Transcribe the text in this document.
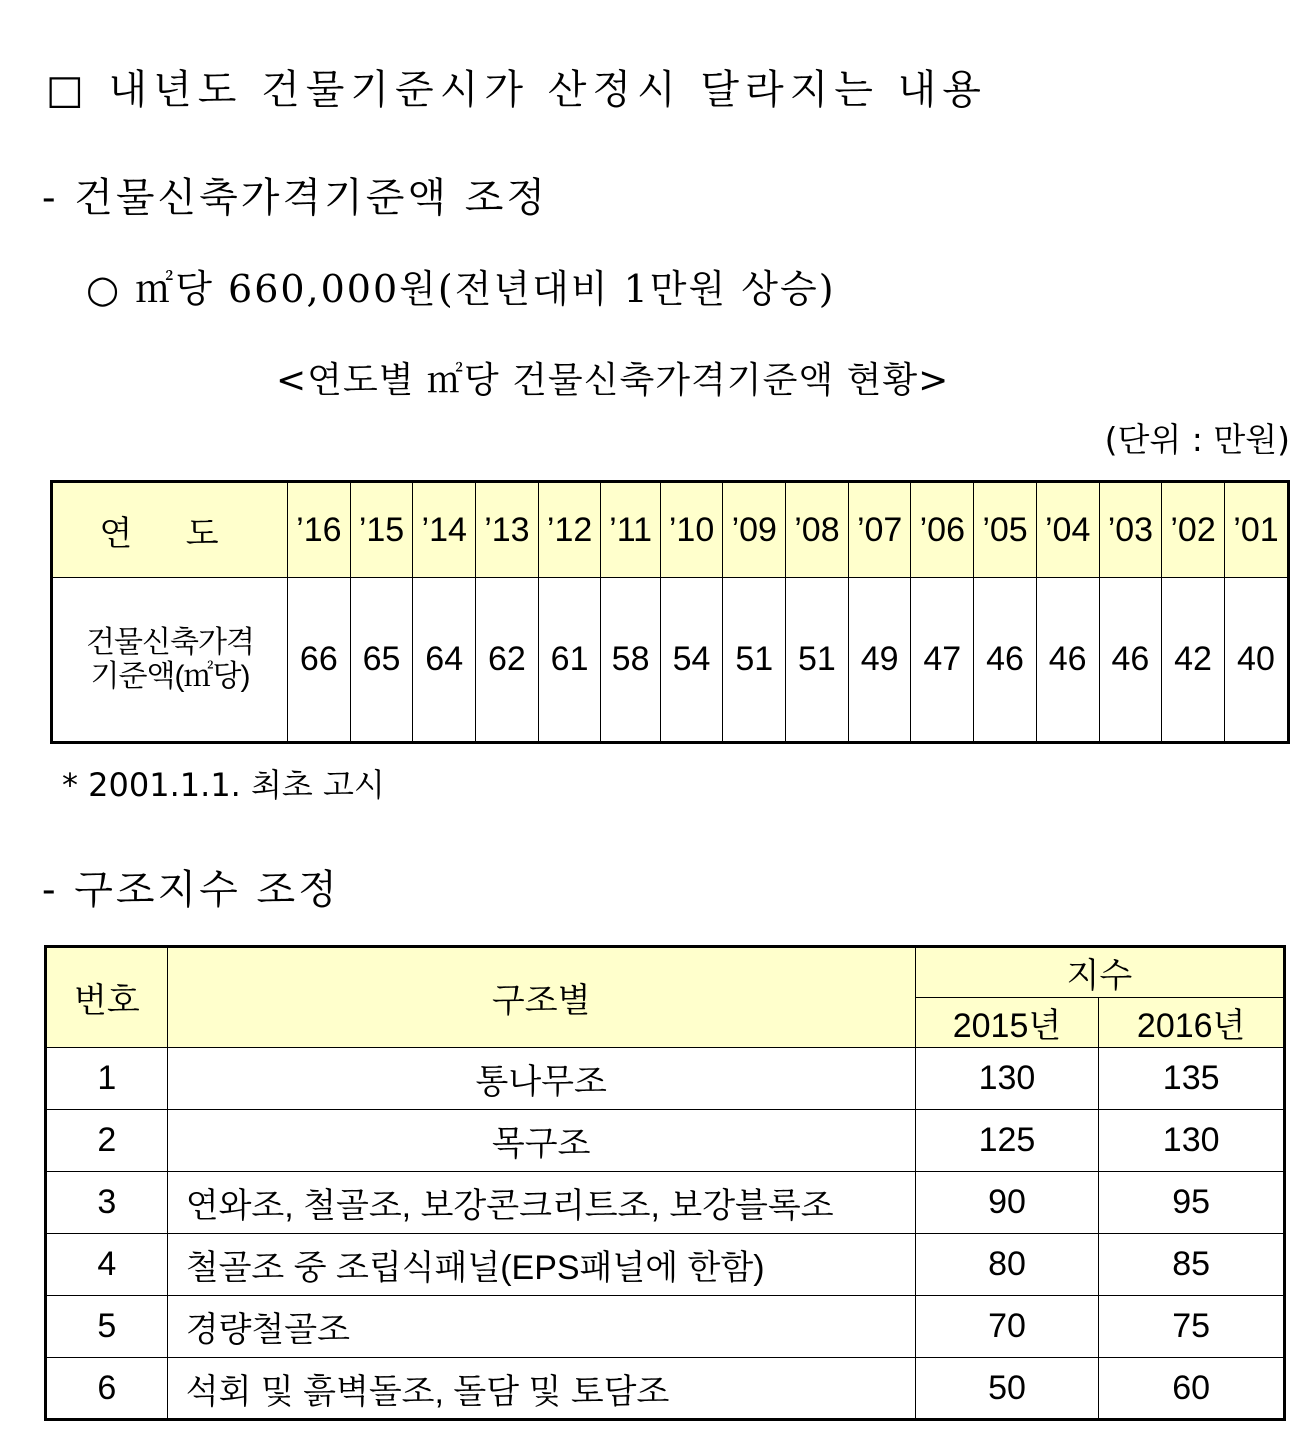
□ 내년도 건물기준시가 산정시 달라지는 내용
- 건물신축가격기준액 조정
○ ㎡당 660,000원(전년대비 1만원 상승)
<연도별 ㎡당 건물신축가격기준액 현황>
(단위 : 만원)
연 도	’16	’15	’14	’13	’12	’11	’10	’09	’08	’07	’06	’05	’04	’03	’02	’01
건물신축가격
기준액(㎡당)	66	65	64	62	61	58	54	51	51	49	47	46	46	46	42	40
* 2001.1.1. 최초 고시
- 구조지수 조정
번호	구조별	지수	
		2015년	2016년
1	통나무조	130	135
2	목구조	125	130
3	연와조, 철골조, 보강콘크리트조, 보강블록조	90	95
4	철골조 중 조립식패널(EPS패널에 한함)	80	85
5	경량철골조	70	75
6	석회 및 흙벽돌조, 돌담 및 토담조	50	60
